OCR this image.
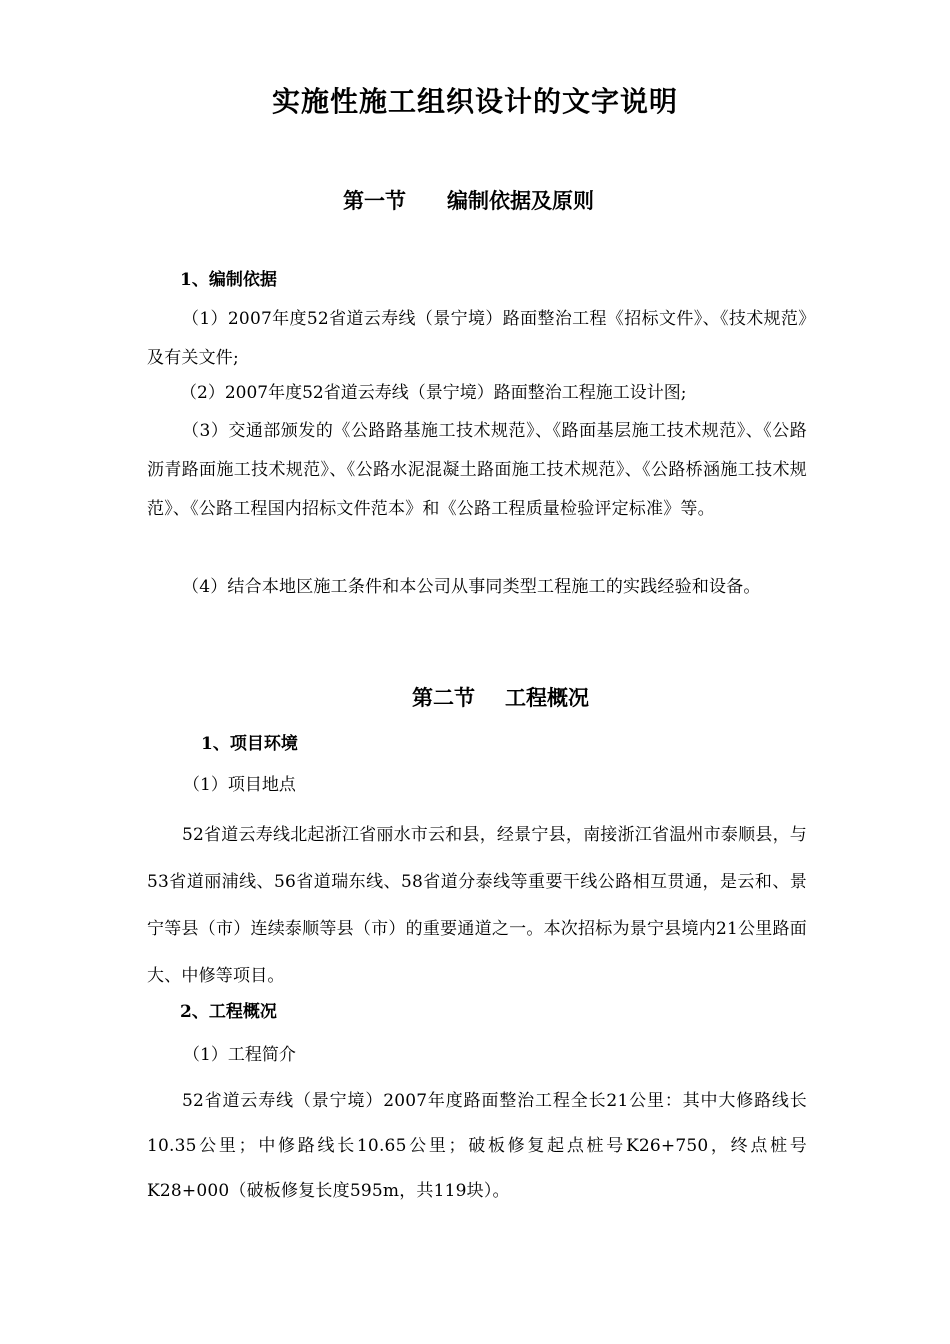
实施性施工组织设计的文字说明
第一节 编制依据及原则
1、编制依据
（1）2007年度52省道云寿线（景宁境）路面整治工程《招标文件》、《技术规范》及有关文件;
（2）2007年度52省道云寿线（景宁境）路面整治工程施工设计图;
（3）交通部颁发的《公路路基施工技术规范》、《路面基层施工技术规范》、《公路沥青路面施工技术规范》、《公路水泥混凝土路面施工技术规范》、《公路桥涵施工技术规范》、《公路工程国内招标文件范本》和《公路工程质量检验评定标准》等。
（4）结合本地区施工条件和本公司从事同类型工程施工的实践经验和设备。
第二节 工程概况
1、项目环境
（1）项目地点
52省道云寿线北起浙江省丽水市云和县，经景宁县，南接浙江省温州市泰顺县，与53省道丽浦线、56省道瑞东线、58省道分泰线等重要干线公路相互贯通，是云和、景宁等县（市）连续泰顺等县（市）的重要通道之一。本次招标为景宁县境内21公里路面大、中修等项目。
2、工程概况
（1）工程简介
52省道云寿线（景宁境）2007年度路面整治工程全长21公里：其中大修路线长10.35公里；中修路线长10.65公里；破板修复起点桩号K26+750，终点桩号K28+000（破板修复长度595m，共119块）。
